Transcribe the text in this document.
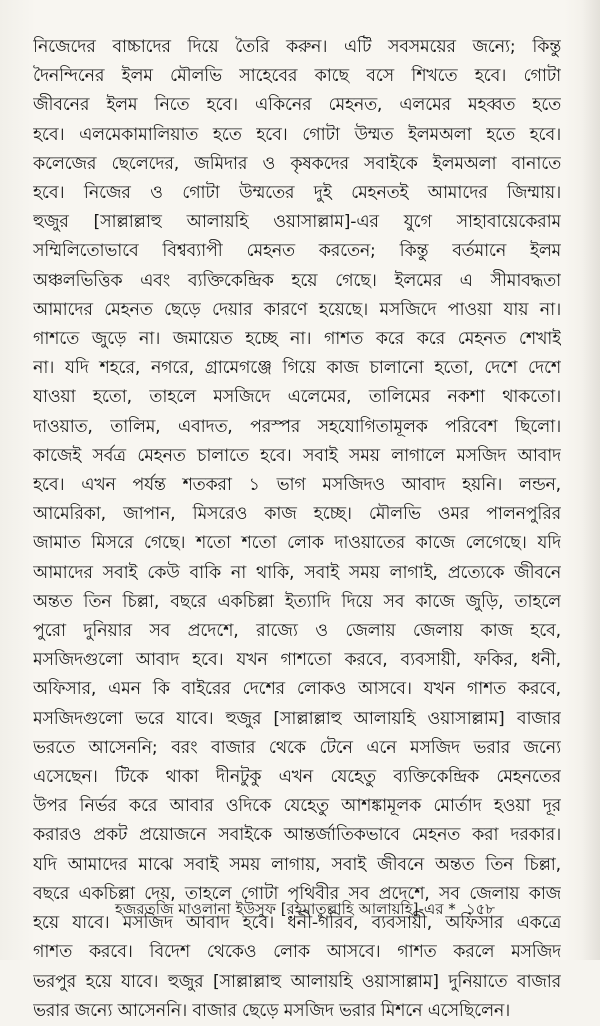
নিজেদের বাচ্চাদের দিয়ে তৈরি করুন। এটি সবসময়ের জন্যে; কিন্তু
দৈনন্দিনের ইলম মৌলভি সাহেবের কাছে বসে শিখতে হবে। গোটা
জীবনের ইলম নিতে হবে। একিনের মেহনত, এলমের মহব্বত হতে
হবে। এলমেকামালিয়াত হতে হবে। গোটা উম্মত ইলমঅলা হতে হবে।
কলেজের ছেলেদের, জমিদার ও কৃষকদের সবাইকে ইলমঅলা বানাতে
হবে। নিজের ও গোটা উম্মতের দুই মেহনতই আমাদের জিম্মায়।
হুজুর [সাল্লাল্লাহু আলায়হি ওয়াসাল্লাম]-এর যুগে সাহাবায়েকেরাম
সম্মিলিতোভাবে বিশ্বব্যাপী মেহনত করতেন; কিন্তু বর্তমানে ইলম
অঞ্চলভিত্তিক এবং ব্যক্তিকেন্দ্রিক হয়ে গেছে। ইলমের এ সীমাবদ্ধতা
আমাদের মেহনত ছেড়ে দেয়ার কারণে হয়েছে। মসজিদে পাওয়া যায় না।
গাশতে জুড়ে না। জমায়েত হচ্ছে না। গাশত করে করে মেহনত শেখাই
না। যদি শহরে, নগরে, গ্রামেগঞ্জে গিয়ে কাজ চালানো হতো, দেশে দেশে
যাওয়া হতো, তাহলে মসজিদে এলেমের, তালিমের নকশা থাকতো।
দাওয়াত, তালিম, এবাদত, পরস্পর সহযোগিতামূলক পরিবেশ ছিলো।
কাজেই সর্বত্র মেহনত চালাতে হবে। সবাই সময় লাগালে মসজিদ আবাদ
হবে। এখন পর্যন্ত শতকরা ১ ভাগ মসজিদও আবাদ হয়নি। লন্ডন,
আমেরিকা, জাপান, মিসরেও কাজ হচ্ছে। মৌলভি ওমর পালনপুরির
জামাত মিসরে গেছে। শতো শতো লোক দাওয়াতের কাজে লেগেছে। যদি
আমাদের সবাই কেউ বাকি না থাকি, সবাই সময় লাগাই, প্রত্যেকে জীবনে
অন্তত তিন চিল্লা, বছরে একচিল্লা ইত্যাদি দিয়ে সব কাজে জুড়ি, তাহলে
পুরো দুনিয়ার সব প্রদেশে, রাজ্যে ও জেলায় জেলায় কাজ হবে,
মসজিদগুলো আবাদ হবে। যখন গাশতো করবে, ব্যবসায়ী, ফকির, ধনী,
অফিসার, এমন কি বাইরের দেশের লোকও আসবে। যখন গাশত করবে,
মসজিদগুলো ভরে যাবে। হুজুর [সাল্লাল্লাহু আলায়হি ওয়াসাল্লাম] বাজার
ভরতে আসেননি; বরং বাজার থেকে টেনে এনে মসজিদ ভরার জন্যে
এসেছেন। টিকে থাকা দীনটুকু এখন যেহেতু ব্যক্তিকেন্দ্রিক মেহনতের
উপর নির্ভর করে আবার ওদিকে যেহেতু আশঙ্কামূলক মোর্তাদ হওয়া দূর
করারও প্রকট প্রয়োজনে সবাইকে আন্তর্জাতিকভাবে মেহনত করা দরকার।
যদি আমাদের মাঝে সবাই সময় লাগায়, সবাই জীবনে অন্তত তিন চিল্লা,
বছরে একচিল্লা দেয়, তাহলে গোটা পৃথিবীর সব প্রদেশে, সব জেলায় কাজ
হয়ে যাবে। মসজিদ আবাদ হবে। ধনী-গরিব, ব্যবসায়ী, অফিসার একত্রে
গাশত করবে। বিদেশ থেকেও লোক আসবে। গাশত করলে মসজিদ
ভরপুর হয়ে যাবে। হুজুর [সাল্লাল্লাহু আলায়হি ওয়াসাল্লাম] দুনিয়াতে বাজার
ভরার জন্যে আসেননি। বাজার ছেড়ে মসজিদ ভরার মিশনে এসেছিলেন।
হজরতজি মাওলানা ইউসুফ [রহমাতুল্লাহি আলায়হি]-এর * ১৫৮
